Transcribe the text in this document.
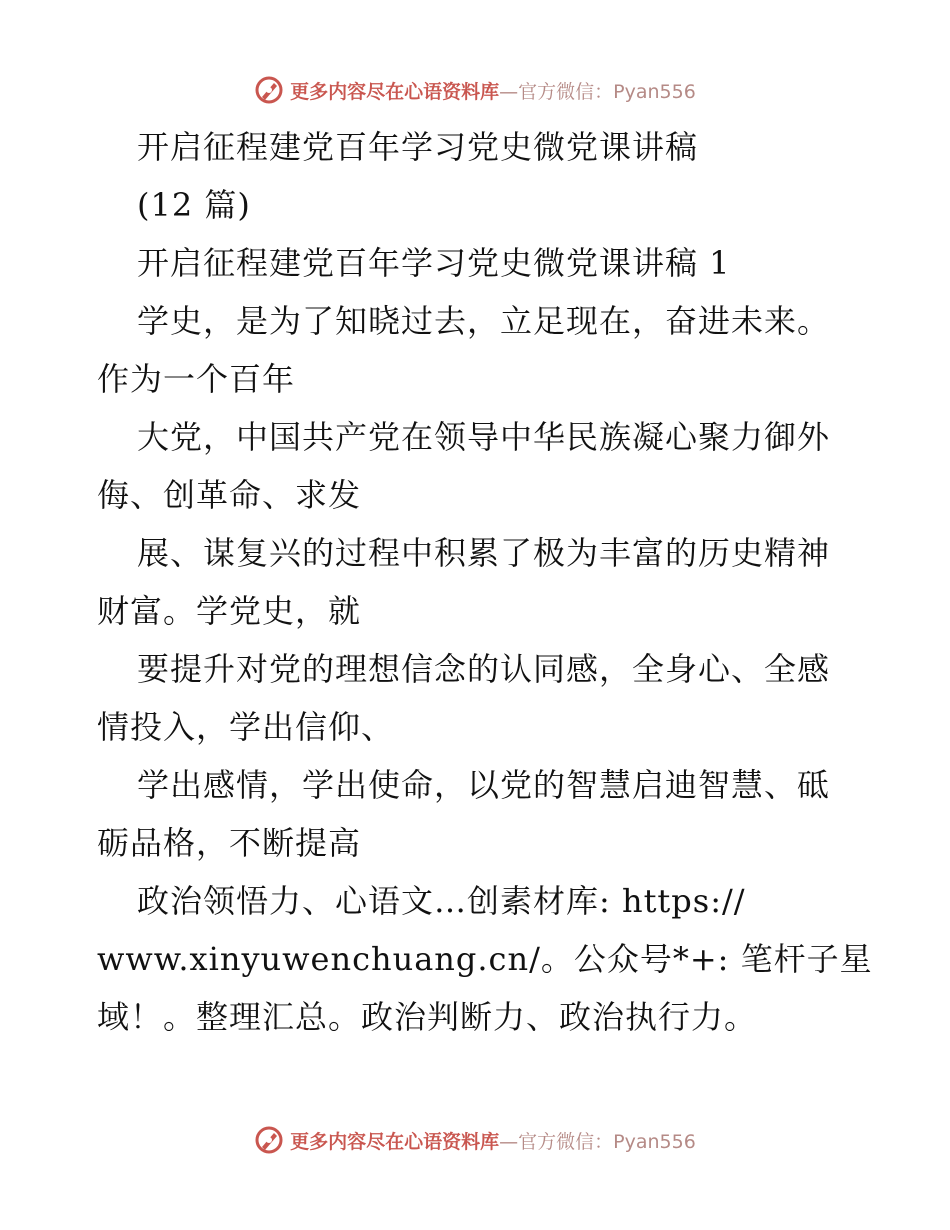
更多内容尽在心语资料库—官方微信：Pyan556
开启征程建党百年学习党史微党课讲稿
(12 篇)
开启征程建党百年学习党史微党课讲稿 1
学史，是为了知晓过去，立足现在，奋进未来。
作为一个百年
大党，中国共产党在领导中华民族凝心聚力御外
侮、创革命、求发
展、谋复兴的过程中积累了极为丰富的历史精神
财富。学党史，就
要提升对党的理想信念的认同感，全身心、全感
情投入，学出信仰、
学出感情，学出使命，以党的智慧启迪智慧、砥
砺品格，不断提高
政治领悟力、心语文…创素材库: https://
www.xinyuwenchuang.cn/。公众号*+: 笔杆子星
域！。整理汇总。政治判断力、政治执行力。
更多内容尽在心语资料库—官方微信：Pyan556
